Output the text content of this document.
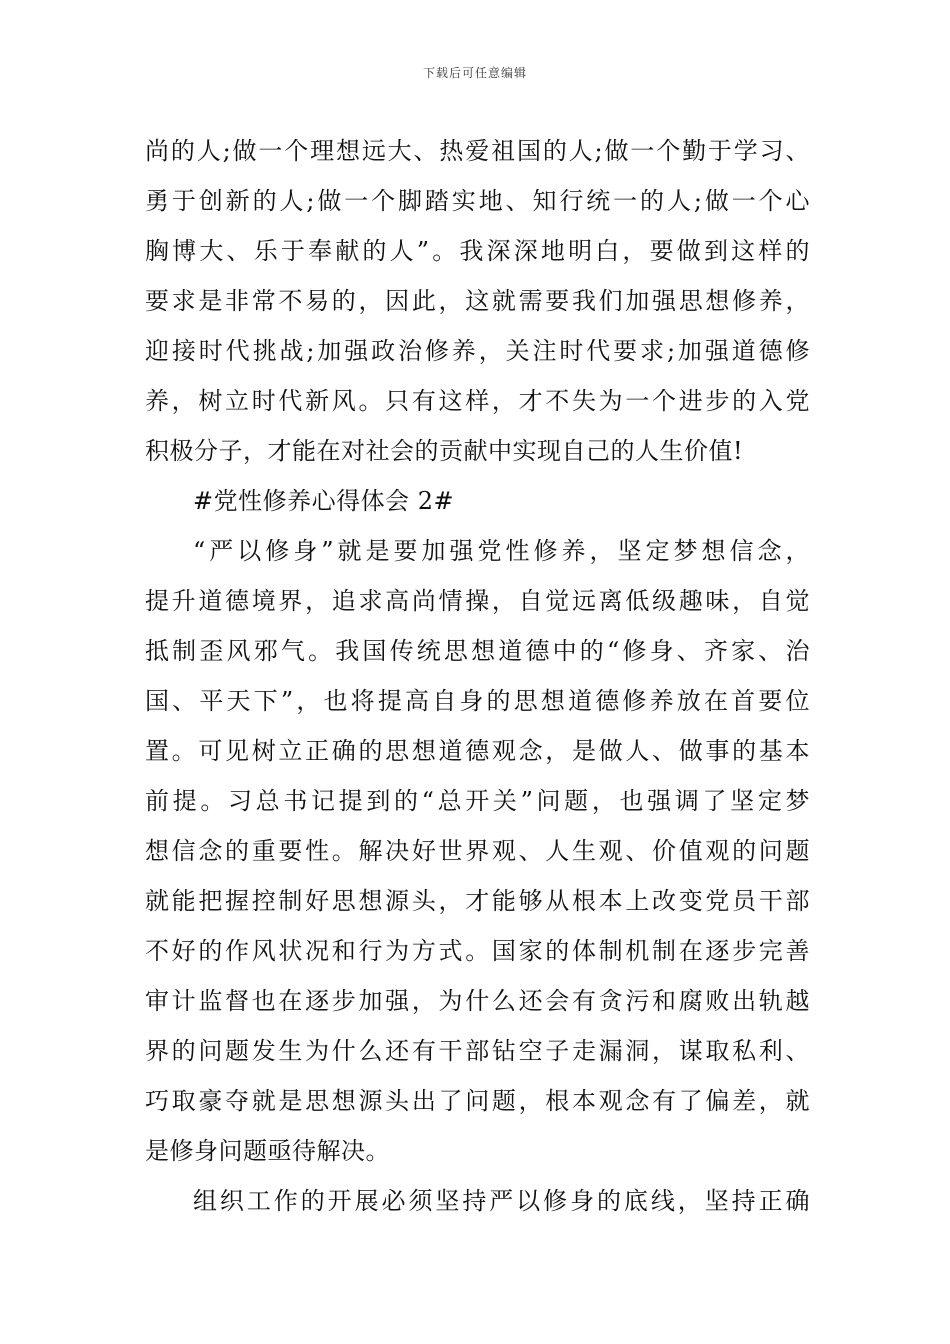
下载后可任意编辑
尚的人;做一个理想远大、热爱祖国的人;做一个勤于学习、
勇于创新的人;做一个脚踏实地、知行统一的人;做一个心
胸博大、乐于奉献的人”。我深深地明白，要做到这样的
要求是非常不易的，因此，这就需要我们加强思想修养，
迎接时代挑战;加强政治修养，关注时代要求;加强道德修
养，树立时代新风。只有这样，才不失为一个进步的入党
积极分子，才能在对社会的贡献中实现自己的人生价值!
#党性修养心得体会 2#
“严以修身”就是要加强党性修养，坚定梦想信念，
提升道德境界，追求高尚情操，自觉远离低级趣味，自觉
抵制歪风邪气。我国传统思想道德中的“修身、齐家、治
国、平天下”，也将提高自身的思想道德修养放在首要位
置。可见树立正确的思想道德观念，是做人、做事的基本
前提。习总书记提到的“总开关”问题，也强调了坚定梦
想信念的重要性。解决好世界观、人生观、价值观的问题
就能把握控制好思想源头，才能够从根本上改变党员干部
不好的作风状况和行为方式。国家的体制机制在逐步完善
审计监督也在逐步加强，为什么还会有贪污和腐败出轨越
界的问题发生为什么还有干部钻空子走漏洞，谋取私利、
巧取豪夺就是思想源头出了问题，根本观念有了偏差，就
是修身问题亟待解决。
组织工作的开展必须坚持严以修身的底线，坚持正确
